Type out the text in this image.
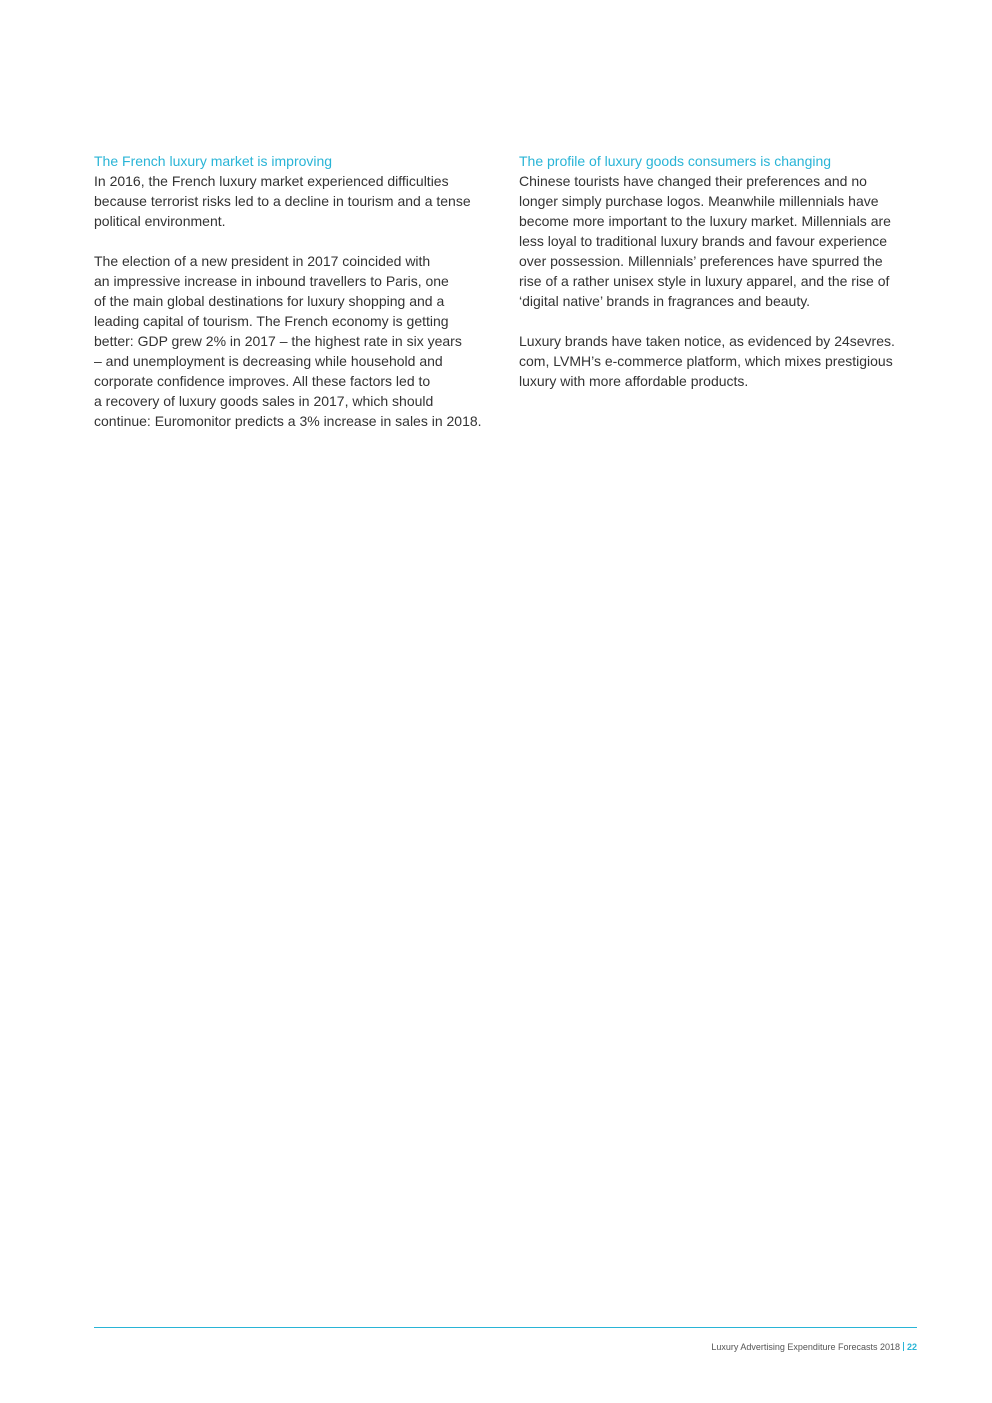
The French luxury market is improving

In 2016, the French luxury market experienced difficulties
because terrorist risks led to a decline in tourism and a tense
political environment.

The election of a new president in 2017 coincided with
an impressive increase in inbound travellers to Paris, one
of the main global destinations for luxury shopping and a
leading capital of tourism. The French economy is getting
better: GDP grew 2% in 2017 – the highest rate in six years
– and unemployment is decreasing while household and
corporate confidence improves. All these factors led to
a recovery of luxury goods sales in 2017, which should
continue: Euromonitor predicts a 3% increase in sales in 2018.

The profile of luxury goods consumers is changing

Chinese tourists have changed their preferences and no
longer simply purchase logos. Meanwhile millennials have
become more important to the luxury market. Millennials are
less loyal to traditional luxury brands and favour experience
over possession. Millennials’ preferences have spurred the
rise of a rather unisex style in luxury apparel, and the rise of
‘digital native’ brands in fragrances and beauty.

Luxury brands have taken notice, as evidenced by 24sevres.
com, LVMH’s e-commerce platform, which mixes prestigious
luxury with more affordable products.

Luxury Advertising Expenditure Forecasts 2018 22
